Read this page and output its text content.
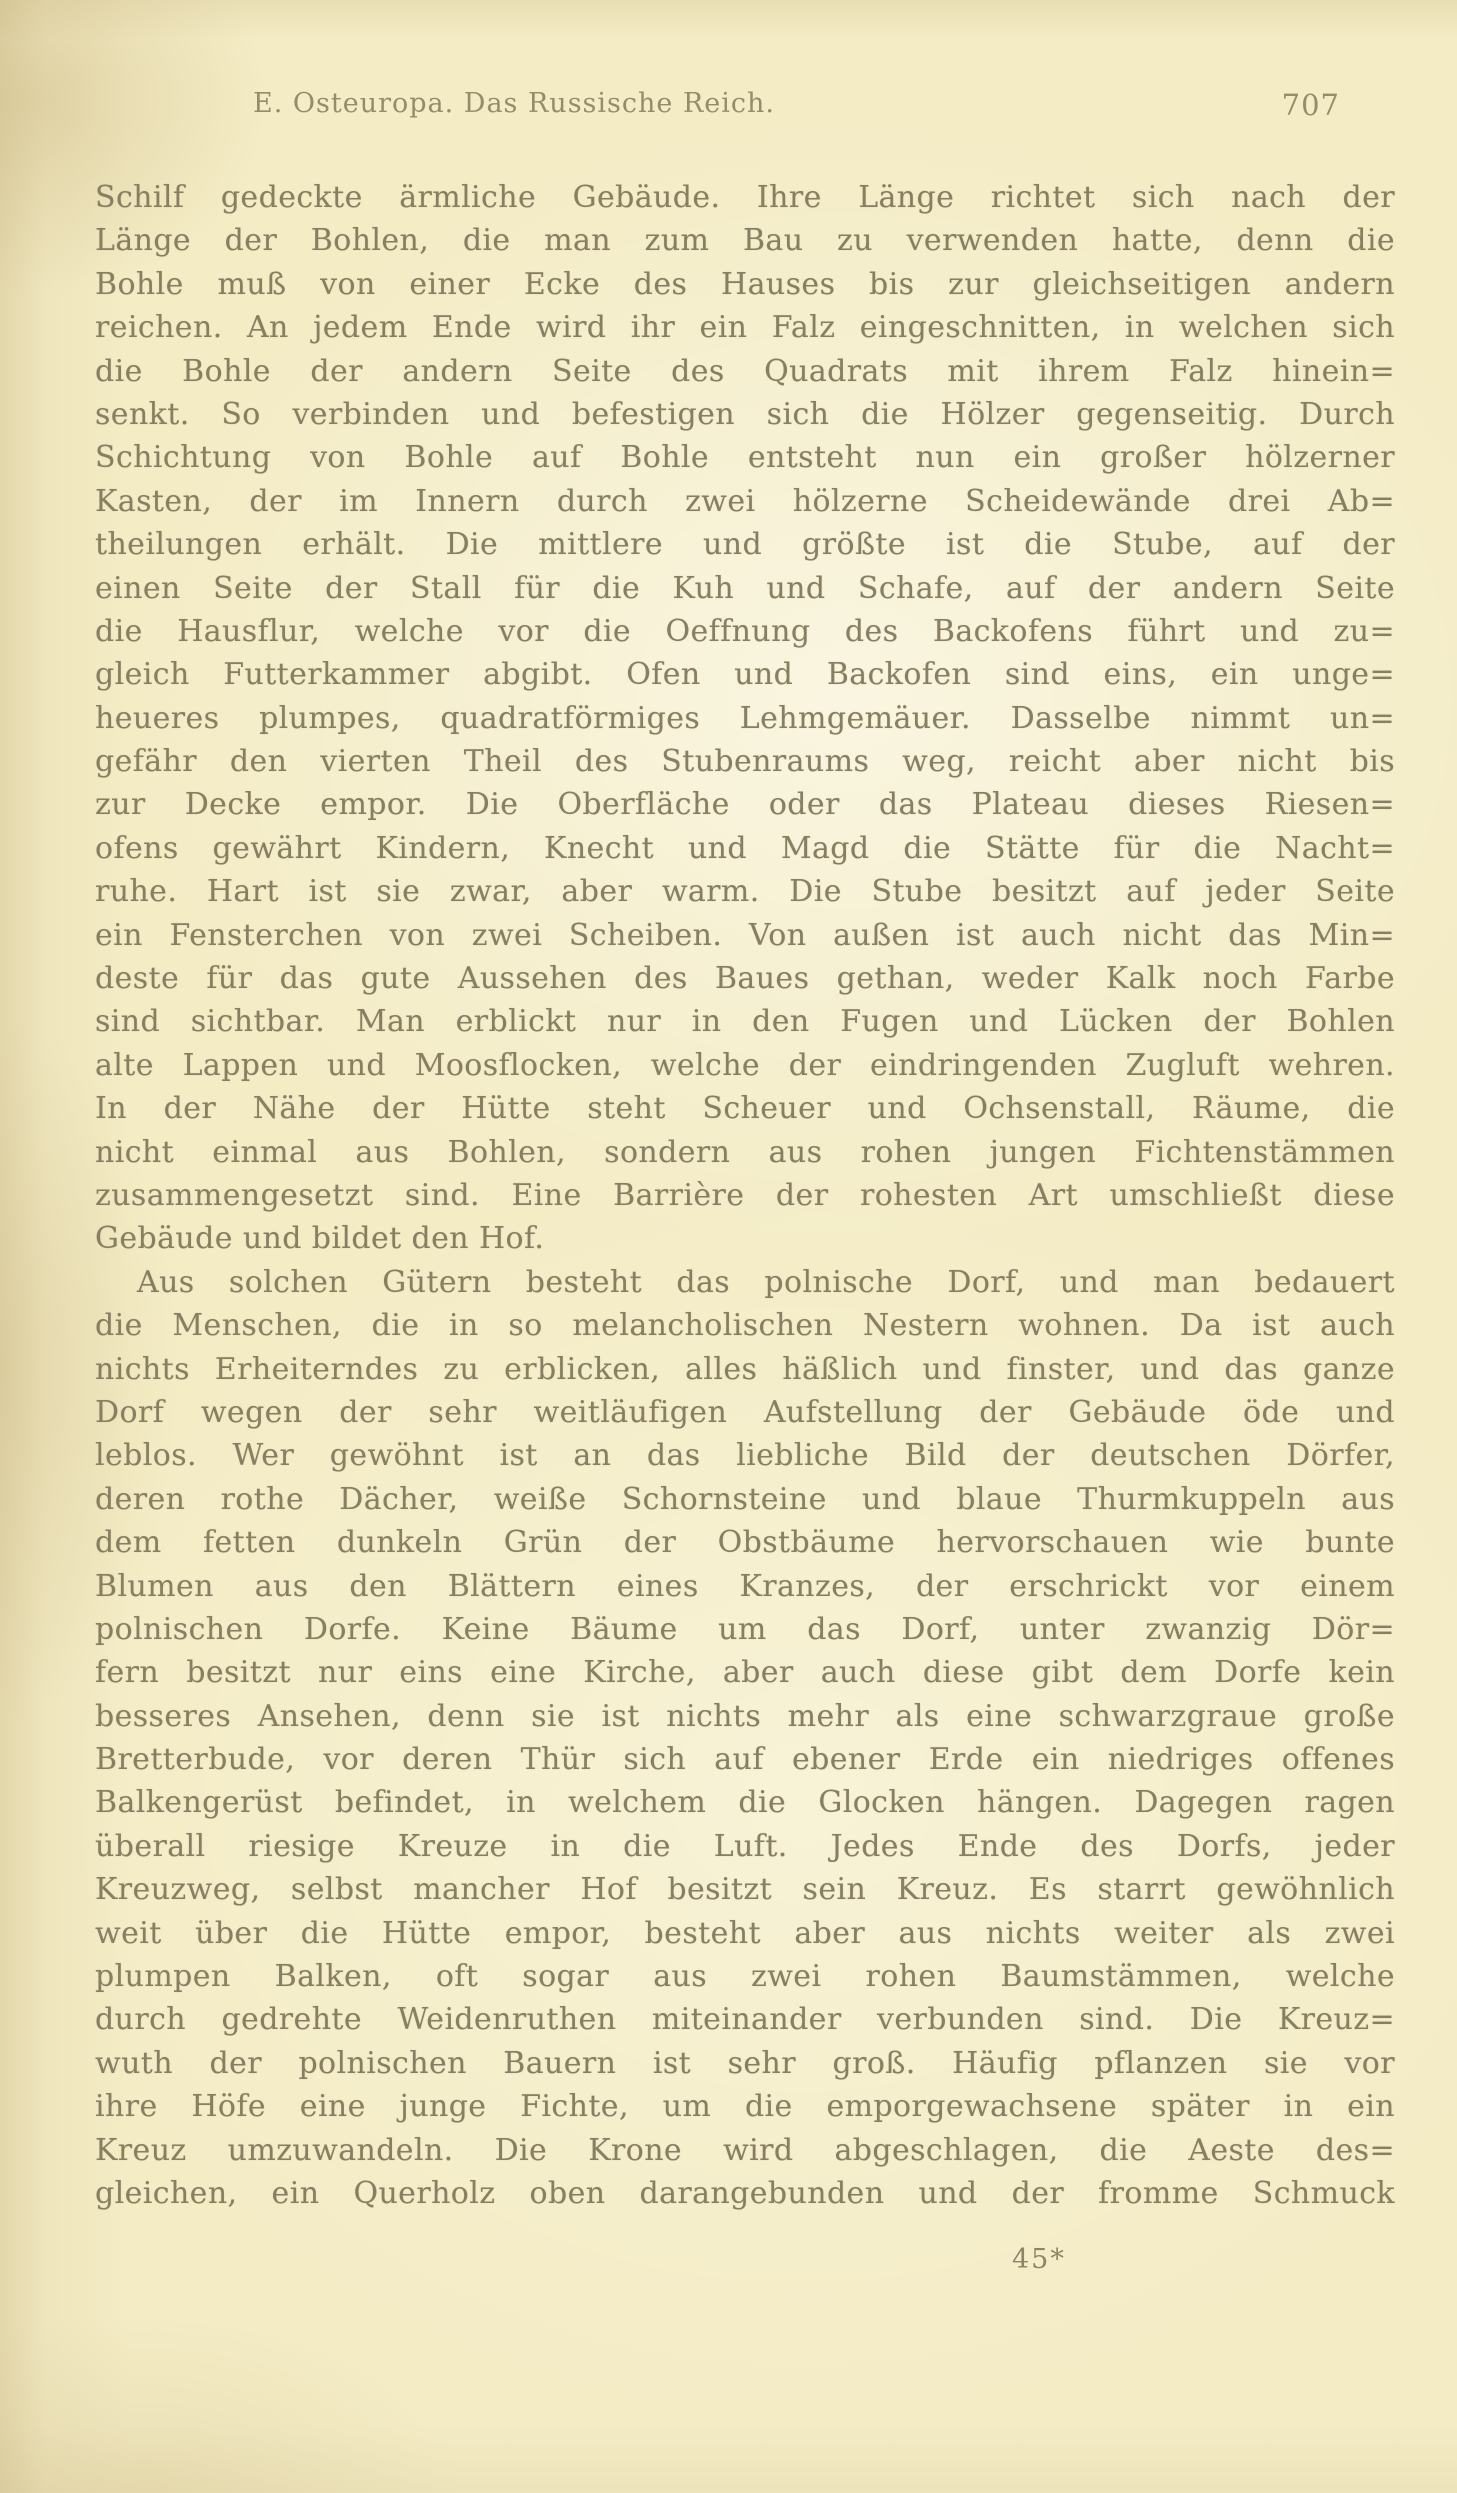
E. Osteuropa. Das Russische Reich.	707
Schilf gedeckte ärmliche Gebäude. Ihre Länge richtet sich nach der
Länge der Bohlen, die man zum Bau zu verwenden hatte, denn die
Bohle muß von einer Ecke des Hauses bis zur gleichseitigen andern
reichen. An jedem Ende wird ihr ein Falz eingeschnitten, in welchen sich
die Bohle der andern Seite des Quadrats mit ihrem Falz hinein=
senkt. So verbinden und befestigen sich die Hölzer gegenseitig. Durch
Schichtung von Bohle auf Bohle entsteht nun ein großer hölzerner
Kasten, der im Innern durch zwei hölzerne Scheidewände drei Ab=
theilungen erhält. Die mittlere und größte ist die Stube, auf der
einen Seite der Stall für die Kuh und Schafe, auf der andern Seite
die Hausflur, welche vor die Oeffnung des Backofens führt und zu=
gleich Futterkammer abgibt. Ofen und Backofen sind eins, ein unge=
heueres plumpes, quadratförmiges Lehmgemäuer. Dasselbe nimmt un=
gefähr den vierten Theil des Stubenraums weg, reicht aber nicht bis
zur Decke empor. Die Oberfläche oder das Plateau dieses Riesen=
ofens gewährt Kindern, Knecht und Magd die Stätte für die Nacht=
ruhe. Hart ist sie zwar, aber warm. Die Stube besitzt auf jeder Seite
ein Fensterchen von zwei Scheiben. Von außen ist auch nicht das Min=
deste für das gute Aussehen des Baues gethan, weder Kalk noch Farbe
sind sichtbar. Man erblickt nur in den Fugen und Lücken der Bohlen
alte Lappen und Moosflocken, welche der eindringenden Zugluft wehren.
In der Nähe der Hütte steht Scheuer und Ochsenstall, Räume, die
nicht einmal aus Bohlen, sondern aus rohen jungen Fichtenstämmen
zusammengesetzt sind. Eine Barrière der rohesten Art umschließt diese
Gebäude und bildet den Hof.
Aus solchen Gütern besteht das polnische Dorf, und man bedauert
die Menschen, die in so melancholischen Nestern wohnen. Da ist auch
nichts Erheiterndes zu erblicken, alles häßlich und finster, und das ganze
Dorf wegen der sehr weitläufigen Aufstellung der Gebäude öde und
leblos. Wer gewöhnt ist an das liebliche Bild der deutschen Dörfer,
deren rothe Dächer, weiße Schornsteine und blaue Thurmkuppeln aus
dem fetten dunkeln Grün der Obstbäume hervorschauen wie bunte
Blumen aus den Blättern eines Kranzes, der erschrickt vor einem
polnischen Dorfe. Keine Bäume um das Dorf, unter zwanzig Dör=
fern besitzt nur eins eine Kirche, aber auch diese gibt dem Dorfe kein
besseres Ansehen, denn sie ist nichts mehr als eine schwarzgraue große
Bretterbude, vor deren Thür sich auf ebener Erde ein niedriges offenes
Balkengerüst befindet, in welchem die Glocken hängen. Dagegen ragen
überall riesige Kreuze in die Luft. Jedes Ende des Dorfs, jeder
Kreuzweg, selbst mancher Hof besitzt sein Kreuz. Es starrt gewöhnlich
weit über die Hütte empor, besteht aber aus nichts weiter als zwei
plumpen Balken, oft sogar aus zwei rohen Baumstämmen, welche
durch gedrehte Weidenruthen miteinander verbunden sind. Die Kreuz=
wuth der polnischen Bauern ist sehr groß. Häufig pflanzen sie vor
ihre Höfe eine junge Fichte, um die emporgewachsene später in ein
Kreuz umzuwandeln. Die Krone wird abgeschlagen, die Aeste des=
gleichen, ein Querholz oben darangebunden und der fromme Schmuck
45*
